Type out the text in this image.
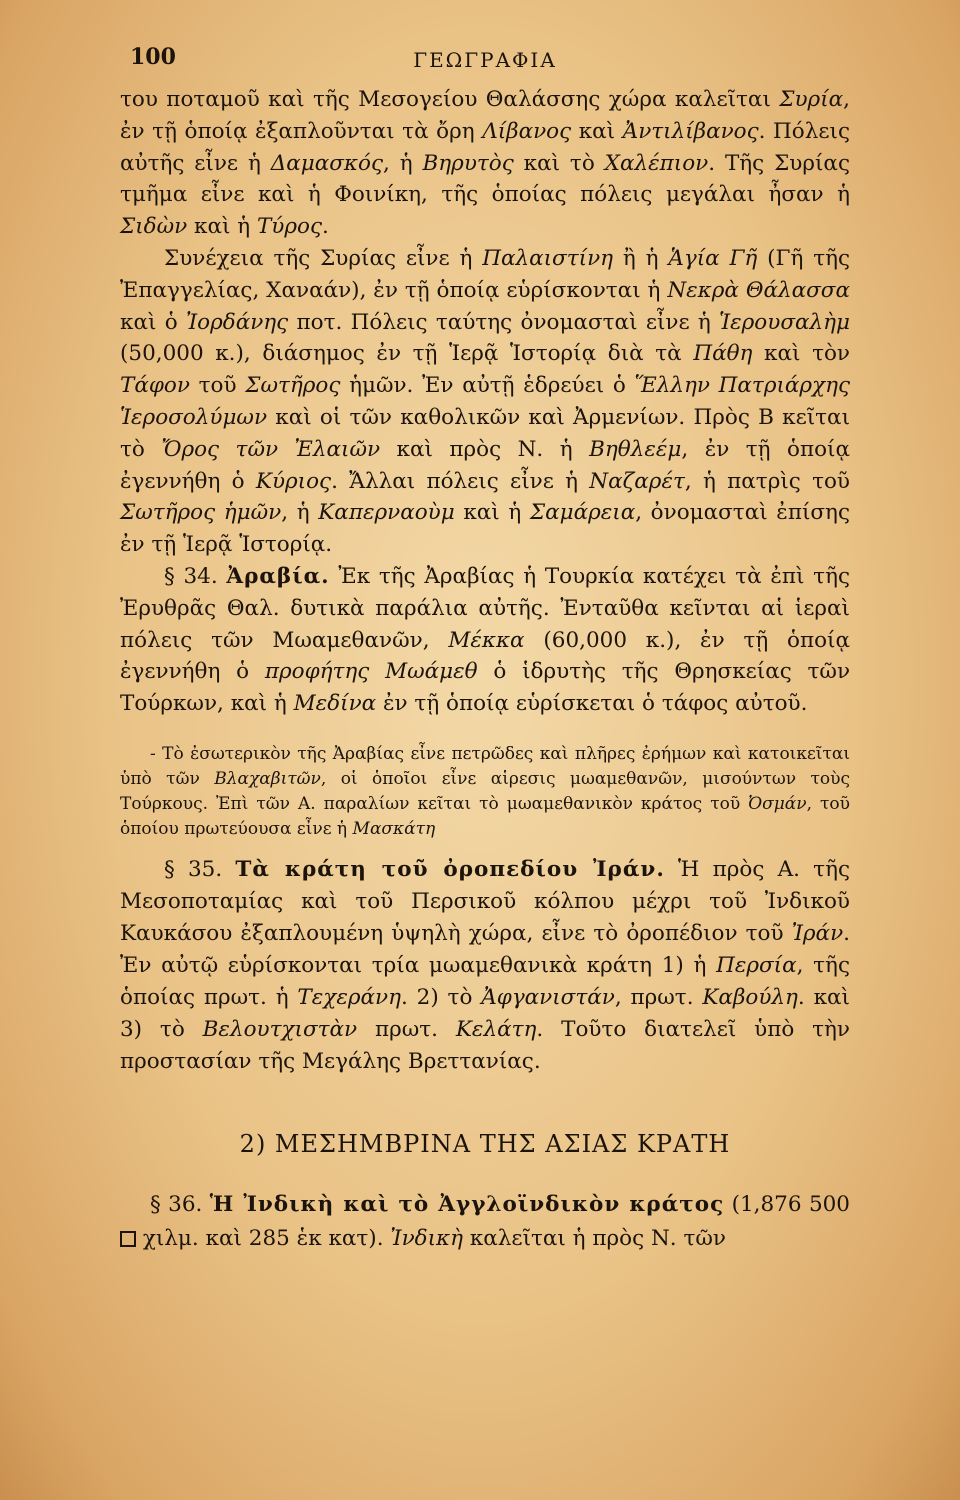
100	ΓΕΩΓΡΑΦΙΑ

του ποταμοῦ καὶ τῆς Μεσογείου Θαλάσσης χώρα καλεῖται Συρία, ἐν τῇ ὁποίᾳ ἐξαπλοῦνται τὰ ὄρη Λίβανος καὶ Ἀντιλίβανος. Πόλεις αὐτῆς εἶνε ἡ Δαμασκός, ἡ Βηρυτὸς καὶ τὸ Χαλέπιον. Τῆς Συρίας τμῆμα εἶνε καὶ ἡ Φοινίκη, τῆς ὁποίας πόλεις μεγάλαι ἦσαν ἡ Σιδὼν καὶ ἡ Τύρος.

Συνέχεια τῆς Συρίας εἶνε ἡ Παλαιστίνη ἢ ἡ Ἁγία Γῆ (Γῆ τῆς Ἐπαγγελίας, Χαναάν), ἐν τῇ ὁποίᾳ εὑρίσκονται ἡ Νεκρὰ Θάλασσα καὶ ὁ Ἰορδάνης ποτ. Πόλεις ταύτης ὀνομασταὶ εἶνε ἡ Ἱερουσαλὴμ (50,000 κ.), διάσημος ἐν τῇ Ἱερᾷ Ἱστορίᾳ διὰ τὰ Πάθη καὶ τὸν Τάφον τοῦ Σωτῆρος ἡμῶν. Ἐν αὐτῇ ἑδρεύει ὁ Ἕλλην Πατριάρχης Ἱεροσολύμων καὶ οἱ τῶν καθολικῶν καὶ Ἀρμενίων. Πρὸς Β κεῖται τὸ Ὄρος τῶν Ἐλαιῶν καὶ πρὸς Ν. ἡ Βηθλεέμ, ἐν τῇ ὁποίᾳ ἐγεννήθη ὁ Κύριος. Ἄλλαι πόλεις εἶνε ἡ Ναζαρέτ, ἡ πατρὶς τοῦ Σωτῆρος ἡμῶν, ἡ Καπερναοὺμ καὶ ἡ Σαμάρεια, ὀνομασταὶ ἐπίσης ἐν τῇ Ἱερᾷ Ἱστορίᾳ.

§ 34. Ἀραβία. Ἐκ τῆς Ἀραβίας ἡ Τουρκία κατέχει τὰ ἐπὶ τῆς Ἐρυθρᾶς Θαλ. δυτικὰ παράλια αὐτῆς. Ἐνταῦθα κεῖνται αἱ ἱεραὶ πόλεις τῶν Μωαμεθανῶν, Μέκκα (60,000 κ.), ἐν τῇ ὁποίᾳ ἐγεννήθη ὁ προφήτης Μωάμεθ ὁ ἱδρυτὴς τῆς Θρησκείας τῶν Τούρκων, καὶ ἡ Μεδίνα ἐν τῇ ὁποίᾳ εὑρίσκεται ὁ τάφος αὐτοῦ.

- Τὸ ἐσωτερικὸν τῆς Ἀραβίας εἶνε πετρῶδες καὶ πλῆρες ἐρήμων καὶ κατοικεῖται ὑπὸ τῶν Βλαχαβιτῶν, οἱ ὁποῖοι εἶνε αἱρεσις μωαμεθανῶν, μισούντων τοὺς Τούρκους. Ἐπὶ τῶν Α. παραλίων κεῖται τὸ μωαμεθανικὸν κράτος τοῦ Ὀσμάν, τοῦ ὁποίου πρωτεύουσα εἶνε ἡ Μασκάτη
§ 35. Τὰ κράτη τοῦ ὀροπεδίου Ἰράν. Ἡ πρὸς Α. τῆς Μεσοποταμίας καὶ τοῦ Περσικοῦ κόλπου μέχρι τοῦ Ἰνδικοῦ Καυκάσου ἐξαπλουμένη ὑψηλὴ χώρα, εἶνε τὸ ὀροπέδιον τοῦ Ἰράν. Ἐν αὐτῷ εὑρίσκονται τρία μωαμεθανικὰ κράτη 1) ἡ Περσία, τῆς ὁποίας πρωτ. ἡ Τεχεράνη. 2) τὸ Ἀφγανιστάν, πρωτ. Καβούλη. καὶ 3) τὸ Βελουτχιστὰν πρωτ. Κελάτη. Τοῦτο διατελεῖ ὑπὸ τὴν προστασίαν τῆς Μεγάλης Βρεττανίας.
2) ΜΕΣΗΜΒΡΙΝΑ ΤΗΣ ΑΣΙΑΣ ΚΡΑΤΗ
§ 36. Ἡ Ἰνδικὴ καὶ τὸ Ἀγγλοϊνδικὸν κράτος (1,876 500  χιλμ. καὶ 285 ἑκ κατ). Ἰνδικὴ καλεῖται ἡ πρὸς Ν. τῶν
